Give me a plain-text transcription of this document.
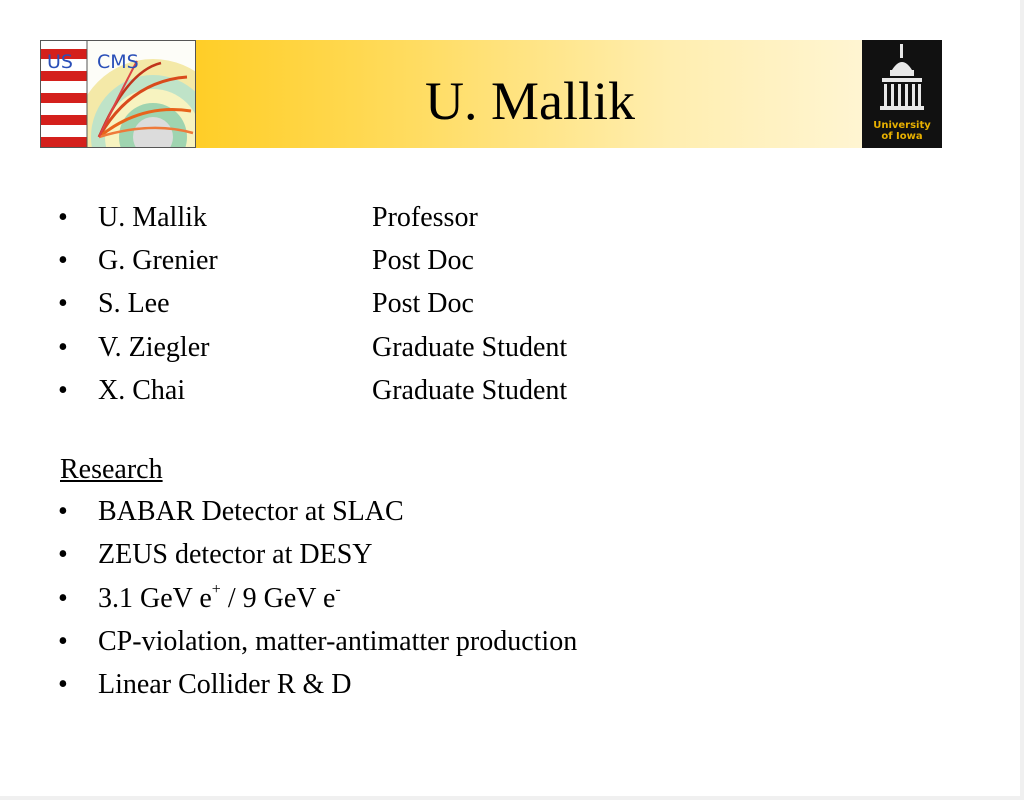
US CMS
University
of Iowa
U. Mallik
• U. Mallik	Professor
• G. Grenier	Post Doc
• S. Lee	Post Doc
• V. Ziegler	Graduate Student
• X. Chai	Graduate Student
Research
• BABAR Detector at SLAC
• ZEUS detector at DESY
• 3.1 GeV e+ / 9 GeV e-
• CP-violation, matter-antimatter production
• Linear Collider R & D
